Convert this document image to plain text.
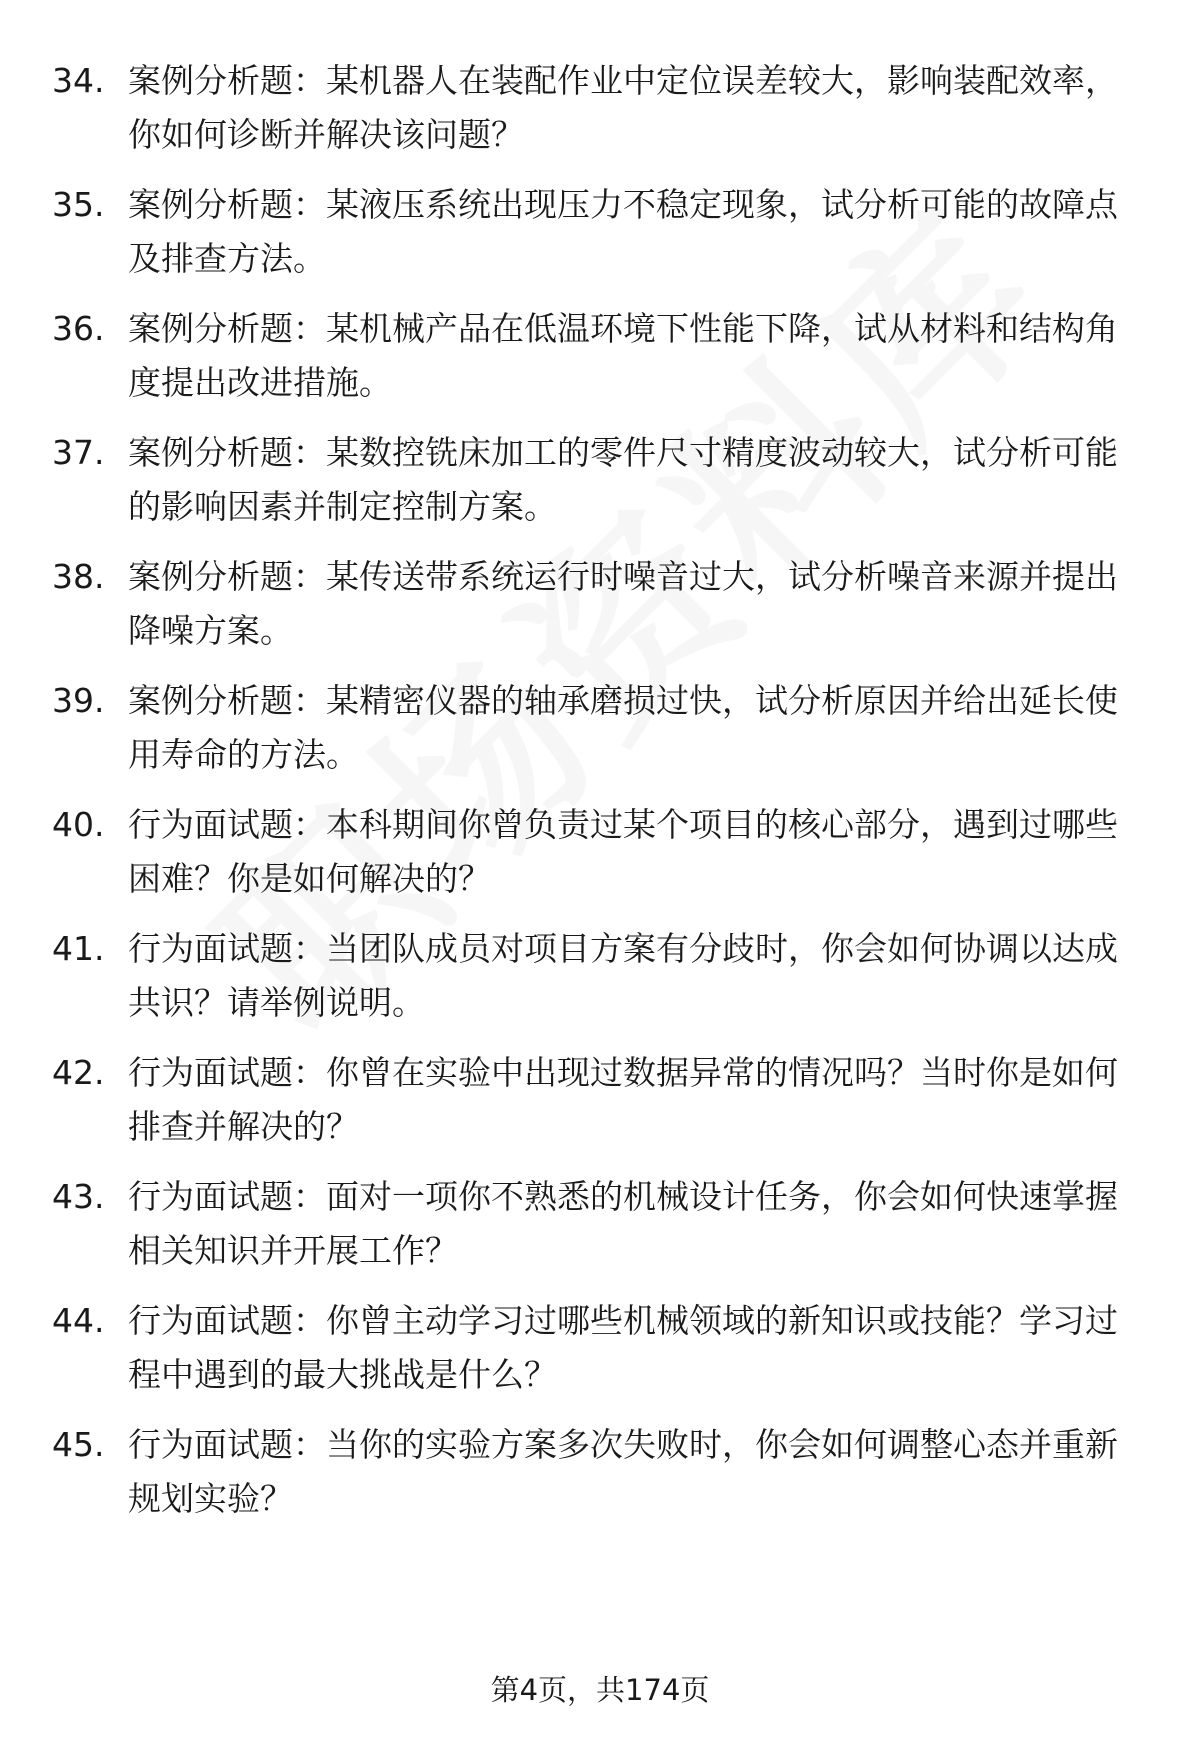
34. 案例分析题：某机器人在装配作业中定位误差较大，影响装配效率，你如何诊断并解决该问题？
35. 案例分析题：某液压系统出现压力不稳定现象，试分析可能的故障点及排查方法。
36. 案例分析题：某机械产品在低温环境下性能下降，试从材料和结构角度提出改进措施。
37. 案例分析题：某数控铣床加工的零件尺寸精度波动较大，试分析可能的影响因素并制定控制方案。
38. 案例分析题：某传送带系统运行时噪音过大，试分析噪音来源并提出降噪方案。
39. 案例分析题：某精密仪器的轴承磨损过快，试分析原因并给出延长使用寿命的方法。
40. 行为面试题：本科期间你曾负责过某个项目的核心部分，遇到过哪些困难？你是如何解决的？
41. 行为面试题：当团队成员对项目方案有分歧时，你会如何协调以达成共识？请举例说明。
42. 行为面试题：你曾在实验中出现过数据异常的情况吗？当时你是如何排查并解决的？
43. 行为面试题：面对一项你不熟悉的机械设计任务，你会如何快速掌握相关知识并开展工作？
44. 行为面试题：你曾主动学习过哪些机械领域的新知识或技能？学习过程中遇到的最大挑战是什么？
45. 行为面试题：当你的实验方案多次失败时，你会如何调整心态并重新规划实验？
第4页，共174页
